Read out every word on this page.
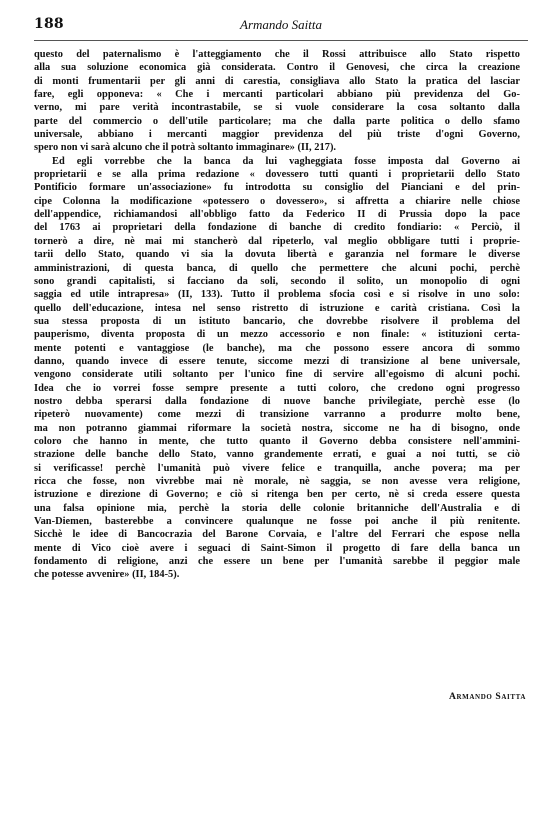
188	Armando Saitta
questo del paternalismo è l'atteggiamento che il Rossi attribuisce allo Stato rispetto
alla sua soluzione economica già considerata. Contro il Genovesi, che circa la creazione
di monti frumentarii per gli anni di carestia, consigliava allo Stato la pratica del lasciar
fare, egli opponeva: « Che i mercanti particolari abbiano più previdenza del Go-
verno, mi pare verità incontrastabile, se si vuole considerare la cosa soltanto dalla
parte del commercio o dell'utile particolare; ma che dalla parte politica o dello sfamo
universale, abbiano i mercanti maggior previdenza del più triste d'ogni Governo,
spero non vi sarà alcuno che il potrà soltanto immaginare» (II, 217).
Ed egli vorrebbe che la banca da lui vagheggiata fosse imposta dal Governo ai
proprietarii e se alla prima redazione « dovessero tutti quanti i proprietarii dello Stato
Pontificio formare un'associazione» fu introdotta su consiglio del Pianciani e del prin-
cipe Colonna la modificazione «potessero o dovessero», si affretta a chiarire nelle chiose
dell'appendice, richiamandosi all'obbligo fatto da Federico II di Prussia dopo la pace
del 1763 ai proprietari della fondazione di banche di credito fondiario: « Perciò, il
tornerò a dire, nè mai mi stancherò dal ripeterlo, val meglio obbligare tutti i proprie-
tarii dello Stato, quando vi sia la dovuta libertà e garanzia nel formare le diverse
amministrazioni, di questa banca, di quello che permettere che alcuni pochi, perchè
sono grandi capitalisti, si facciano da soli, secondo il solito, un monopolio di ogni
saggia ed utile intrapresa» (II, 133). Tutto il problema sfocia così e si risolve in uno solo:
quello dell'educazione, intesa nel senso ristretto di istruzione e carità cristiana. Così la
sua stessa proposta di un istituto bancario, che dovrebbe risolvere il problema del
pauperismo, diventa proposta di un mezzo accessorio e non finale: « istituzioni certa-
mente potenti e vantaggiose (le banche), ma che possono essere ancora di sommo
danno, quando invece di essere tenute, siccome mezzi di transizione al bene universale,
vengono considerate utili soltanto per l'unico fine di servire all'egoismo di alcuni pochi.
Idea che io vorrei fosse sempre presente a tutti coloro, che credono ogni progresso
nostro debba sperarsi dalla fondazione di nuove banche privilegiate, perchè esse (lo
ripeterò nuovamente) come mezzi di transizione varranno a produrre molto bene,
ma non potranno giammai riformare la società nostra, siccome ne ha di bisogno, onde
coloro che hanno in mente, che tutto quanto il Governo debba consistere nell'ammini-
strazione delle banche dello Stato, vanno grandemente errati, e guai a noi tutti, se ciò
si verificasse! perchè l'umanità può vivere felice e tranquilla, anche povera; ma per
ricca che fosse, non vivrebbe mai nè morale, nè saggia, se non avesse vera religione,
istruzione e direzione di Governo; e ciò si ritenga ben per certo, nè si creda essere questa
una falsa opinione mia, perchè la storia delle colonie britanniche dell'Australia e di
Van-Diemen, basterebbe a convincere qualunque ne fosse poi anche il più renitente.
Sicchè le idee di Bancocrazia del Barone Corvaia, e l'altre del Ferrari che espose nella
mente di Vico cioè avere i seguaci di Saint-Simon il progetto di fare della banca un
fondamento di religione, anzi che essere un bene per l'umanità sarebbe il peggior male
che potesse avvenire» (II, 184-5).
Armando Saitta
